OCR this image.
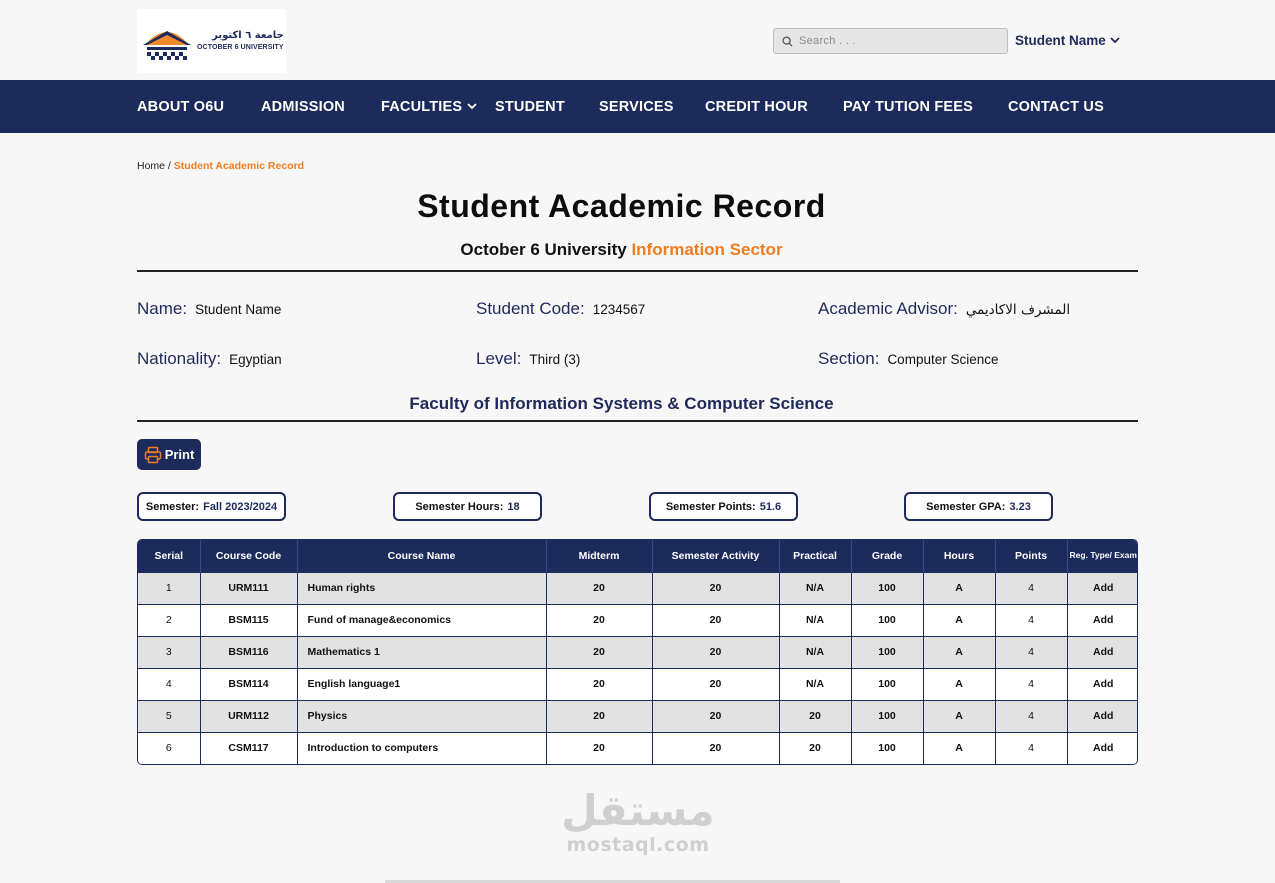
جامعة ٦ اكتوبر
OCTOBER 6 UNIVERSITY
Search . . .	Student Name
ABOUT O6U	ADMISSION FACULTIES STUDENT SERVICES CREDIT HOUR PAY TUTION FEES CONTACT US
Home / Student Academic Record
Student Academic Record
October 6 University Information Sector
Name: Student Name	Student Code: 1234567	Academic Advisor: المشرف الاكاديمي
Nationality: Egyptian	Level: Third (3)	Section: Computer Science
Faculty of Information Systems & Computer Science
Print
Semester: Fall 2023/2024	Semester Hours: 18	Semester Points: 51.6	Semester GPA: 3.23
Serial	Course Code	Course Name	Midterm	Semester Activity	Practical	Grade	Hours	Points	Reg. Type/ Exam
1	URM111	Human rights	20	20	N/A	100	A	4	Add
2	BSM115	Fund of manage&economics	20	20	N/A	100	A	4	Add
3	BSM116	Mathematics 1	20	20	N/A	100	A	4	Add
4	BSM114	English language1	20	20	N/A	100	A	4	Add
5	URM112	Physics	20	20	20	100	A	4	Add
6	CSM117	Introduction to computers	20	20	20	100	A	4	Add
مستقل
mostaql.com
